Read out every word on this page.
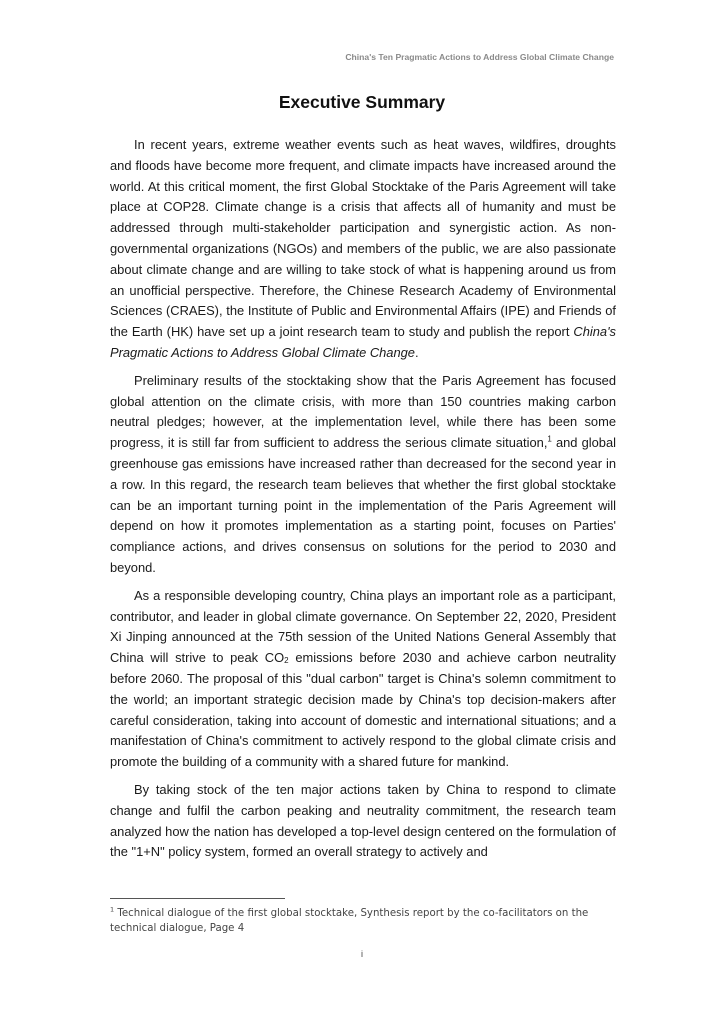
China's Ten Pragmatic Actions to Address Global Climate Change
Executive Summary

In recent years, extreme weather events such as heat waves, wildfires, droughts and floods have become more frequent, and climate impacts have increased around the world. At this critical moment, the first Global Stocktake of the Paris Agreement will take place at COP28. Climate change is a crisis that affects all of humanity and must be addressed through multi-stakeholder participation and synergistic action. As non-governmental organizations (NGOs) and members of the public, we are also passionate about climate change and are willing to take stock of what is happening around us from an unofficial perspective. Therefore, the Chinese Research Academy of Environmental Sciences (CRAES), the Institute of Public and Environmental Affairs (IPE) and Friends of the Earth (HK) have set up a joint research team to study and publish the report China's Pragmatic Actions to Address Global Climate Change.

Preliminary results of the stocktaking show that the Paris Agreement has focused global attention on the climate crisis, with more than 150 countries making carbon neutral pledges; however, at the implementation level, while there has been some progress, it is still far from sufficient to address the serious climate situation,$^1$ and global greenhouse gas emissions have increased rather than decreased for the second year in a row. In this regard, the research team believes that whether the first global stocktake can be an important turning point in the implementation of the Paris Agreement will depend on how it promotes implementation as a starting point, focuses on Parties' compliance actions, and drives consensus on solutions for the period to 2030 and beyond.

As a responsible developing country, China plays an important role as a participant, contributor, and leader in global climate governance. On September 22, 2020, President Xi Jinping announced at the 75th session of the United Nations General Assembly that China will strive to peak $CO_2$ emissions before 2030 and achieve carbon neutrality before 2060. The proposal of this "dual carbon" target is China's solemn commitment to the world; an important strategic decision made by China's top decision-makers after careful consideration, taking into account of domestic and international situations; and a manifestation of China's commitment to actively respond to the global climate crisis and promote the building of a community with a shared future for mankind.

By taking stock of the ten major actions taken by China to respond to climate change and fulfil the carbon peaking and neutrality commitment, the research team analyzed how the nation has developed a top-level design centered on the formulation of the "1+N" policy system, formed an overall strategy to actively and

$^1$ Technical dialogue of the first global stocktake, Synthesis report by the co-facilitators on the technical dialogue, Page 4
i
